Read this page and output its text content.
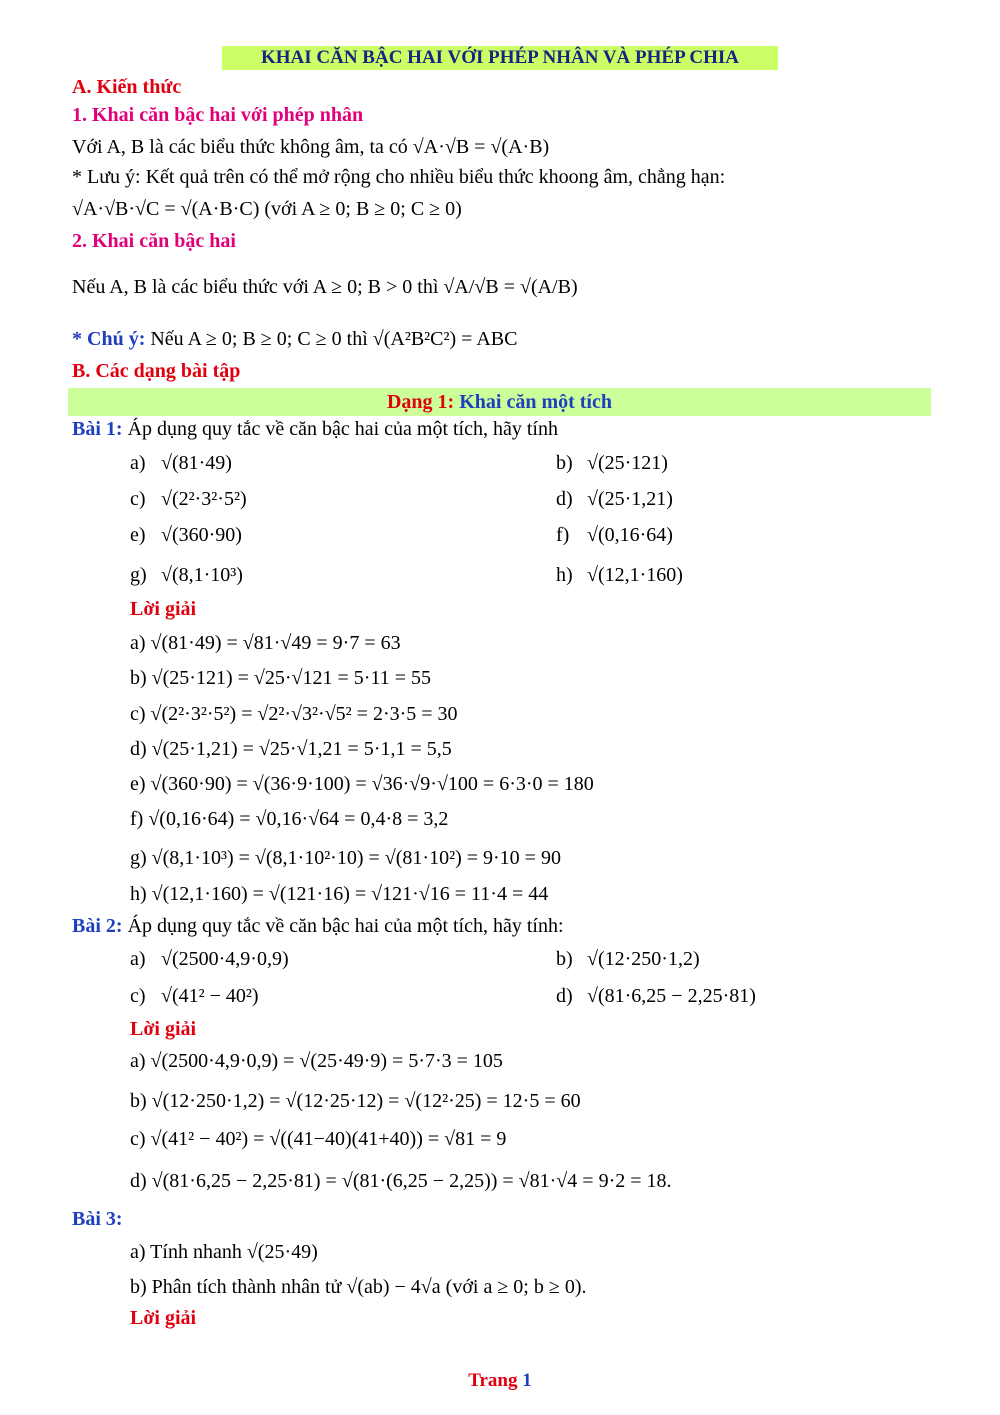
KHAI CĂN BẬC HAI VỚI PHÉP NHÂN VÀ PHÉP CHIA
A. Kiến thức
1. Khai căn bậc hai với phép nhân
Với A, B là các biểu thức không âm, ta có √A·√B = √(A·B)
* Lưu ý: Kết quả trên có thể mở rộng cho nhiều biểu thức khoong âm, chẳng hạn:
√A·√B·√C = √(A·B·C) (với A ≥ 0; B ≥ 0; C ≥ 0)
2. Khai căn bậc hai
Nếu A, B là các biểu thức với A ≥ 0; B > 0 thì √A/√B = √(A/B)
* Chú ý: Nếu A ≥ 0; B ≥ 0; C ≥ 0 thì √(A²B²C²) = ABC
B. Các dạng bài tập
Dạng 1: Khai căn một tích
Bài 1: Áp dụng quy tắc về căn bậc hai của một tích, hãy tính
a) √(81·49)	b) √(25·121)
c) √(2²·3²·5²)	d) √(25·1,21)
e) √(360·90)	f) √(0,16·64)
g) √(8,1·10³)	h) √(12,1·160)
Lời giải
a) √(81·49) = √81·√49 = 9·7 = 63
b) √(25·121) = √25·√121 = 5·11 = 55
c) √(2²·3²·5²) = √2²·√3²·√5² = 2·3·5 = 30
d) √(25·1,21) = √25·√1,21 = 5·1,1 = 5,5
e) √(360·90) = √(36·9·100) = √36·√9·√100 = 6·3·0 = 180
f) √(0,16·64) = √0,16·√64 = 0,4·8 = 3,2
g) √(8,1·10³) = √(8,1·10²·10) = √(81·10²) = 9·10 = 90
h) √(12,1·160) = √(121·16) = √121·√16 = 11·4 = 44
Bài 2: Áp dụng quy tắc về căn bậc hai của một tích, hãy tính:
a) √(2500·4,9·0,9)	b) √(12·250·1,2)
c) √(41² − 40²)	d) √(81·6,25 − 2,25·81)
Lời giải
a) √(2500·4,9·0,9) = √(25·49·9) = 5·7·3 = 105
b) √(12·250·1,2) = √(12·25·12) = √(12²·25) = 12·5 = 60
c) √(41² − 40²) = √((41−40)(41+40)) = √81 = 9
d) √(81·6,25 − 2,25·81) = √(81·(6,25 − 2,25)) = √81·√4 = 9·2 = 18.
Bài 3:
a) Tính nhanh √(25·49)
b) Phân tích thành nhân tử √(ab) − 4√a (với a ≥ 0; b ≥ 0).
Lời giải
Trang 1
